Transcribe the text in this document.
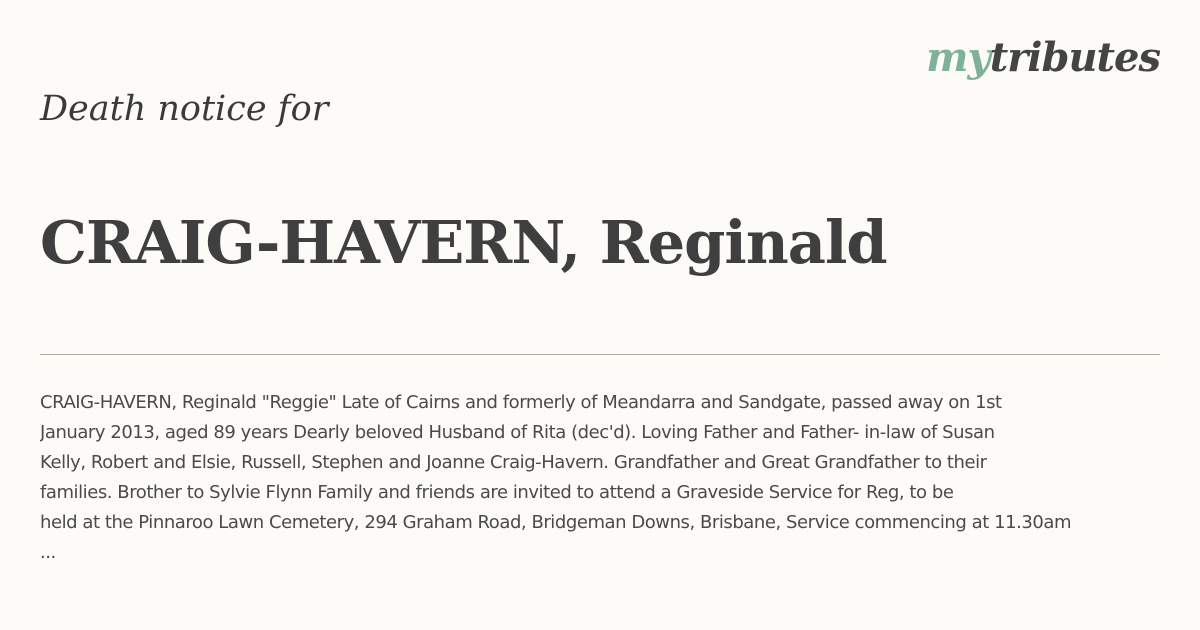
mytributes
Death notice for
CRAIG-HAVERN, Reginald
CRAIG-HAVERN, Reginald "Reggie" Late of Cairns and formerly of Meandarra and Sandgate, passed away on 1st
January 2013, aged 89 years Dearly beloved Husband of Rita (dec'd). Loving Father and Father- in-law of Susan
Kelly, Robert and Elsie, Russell, Stephen and Joanne Craig-Havern. Grandfather and Great Grandfather to their
families. Brother to Sylvie Flynn Family and friends are invited to attend a Graveside Service for Reg, to be
held at the Pinnaroo Lawn Cemetery, 294 Graham Road, Bridgeman Downs, Brisbane, Service commencing at 11.30am
...
